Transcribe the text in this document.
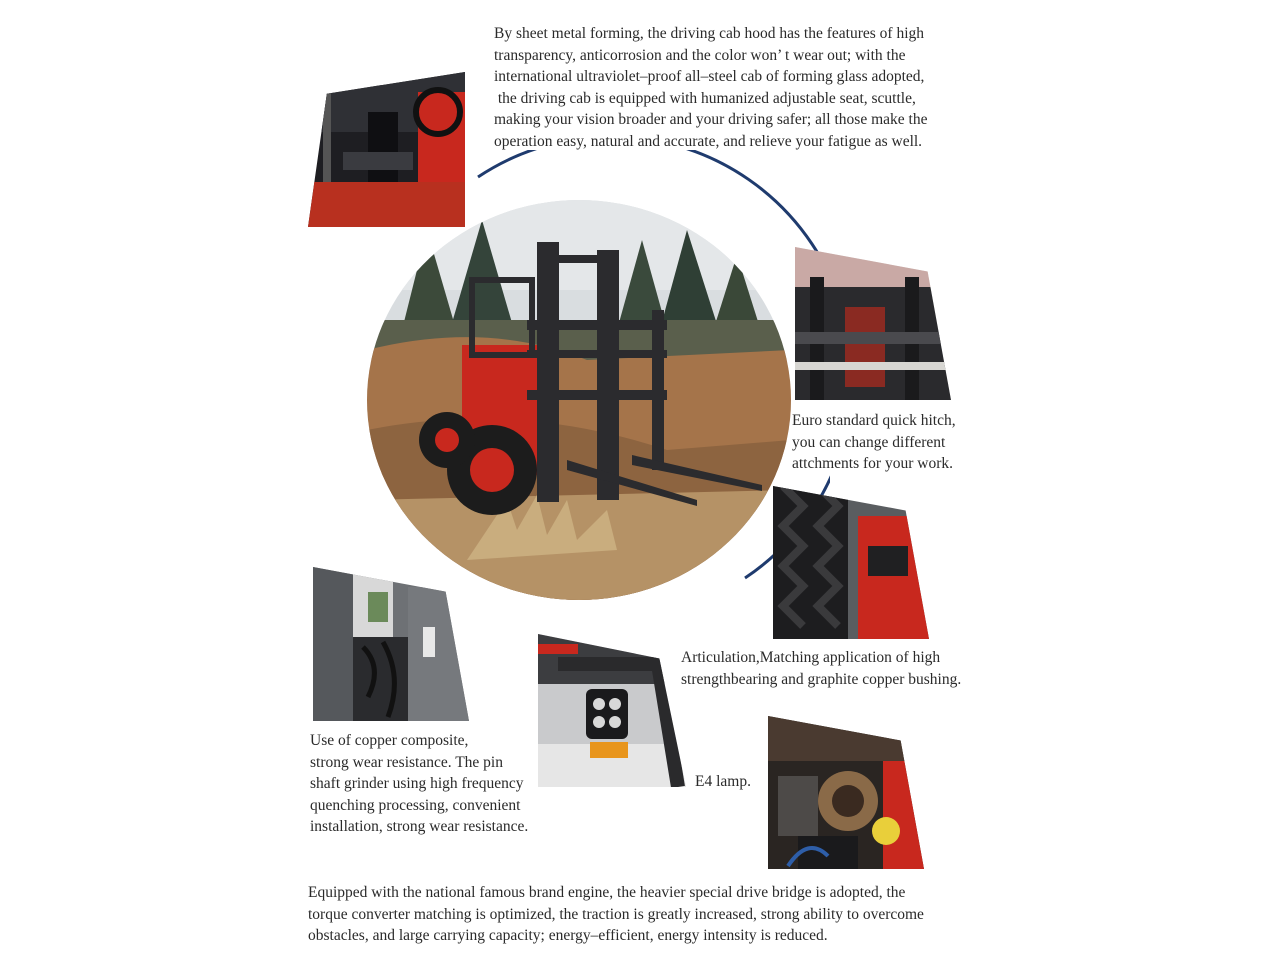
By sheet metal forming, the driving cab hood has the features of high
transparency, anticorrosion and the color won’ t wear out; with the
international ultraviolet–proof all–steel cab of forming glass adopted,
the driving cab is equipped with humanized adjustable seat, scuttle,
making your vision broader and your driving safer; all those make the
operation easy, natural and accurate, and relieve your fatigue as well.
Euro standard quick hitch,
you can change different
attchments for your work.
Articulation,Matching application of high
strengthbearing and graphite copper bushing.
Use of copper composite,
strong wear resistance. The pin
shaft grinder using high frequency
quenching processing, convenient
installation, strong wear resistance.
E4 lamp.
Equipped with the national famous brand engine, the heavier special drive bridge is adopted, the
torque converter matching is optimized, the traction is greatly increased, strong ability to overcome
obstacles, and large carrying capacity; energy–efficient, energy intensity is reduced.
